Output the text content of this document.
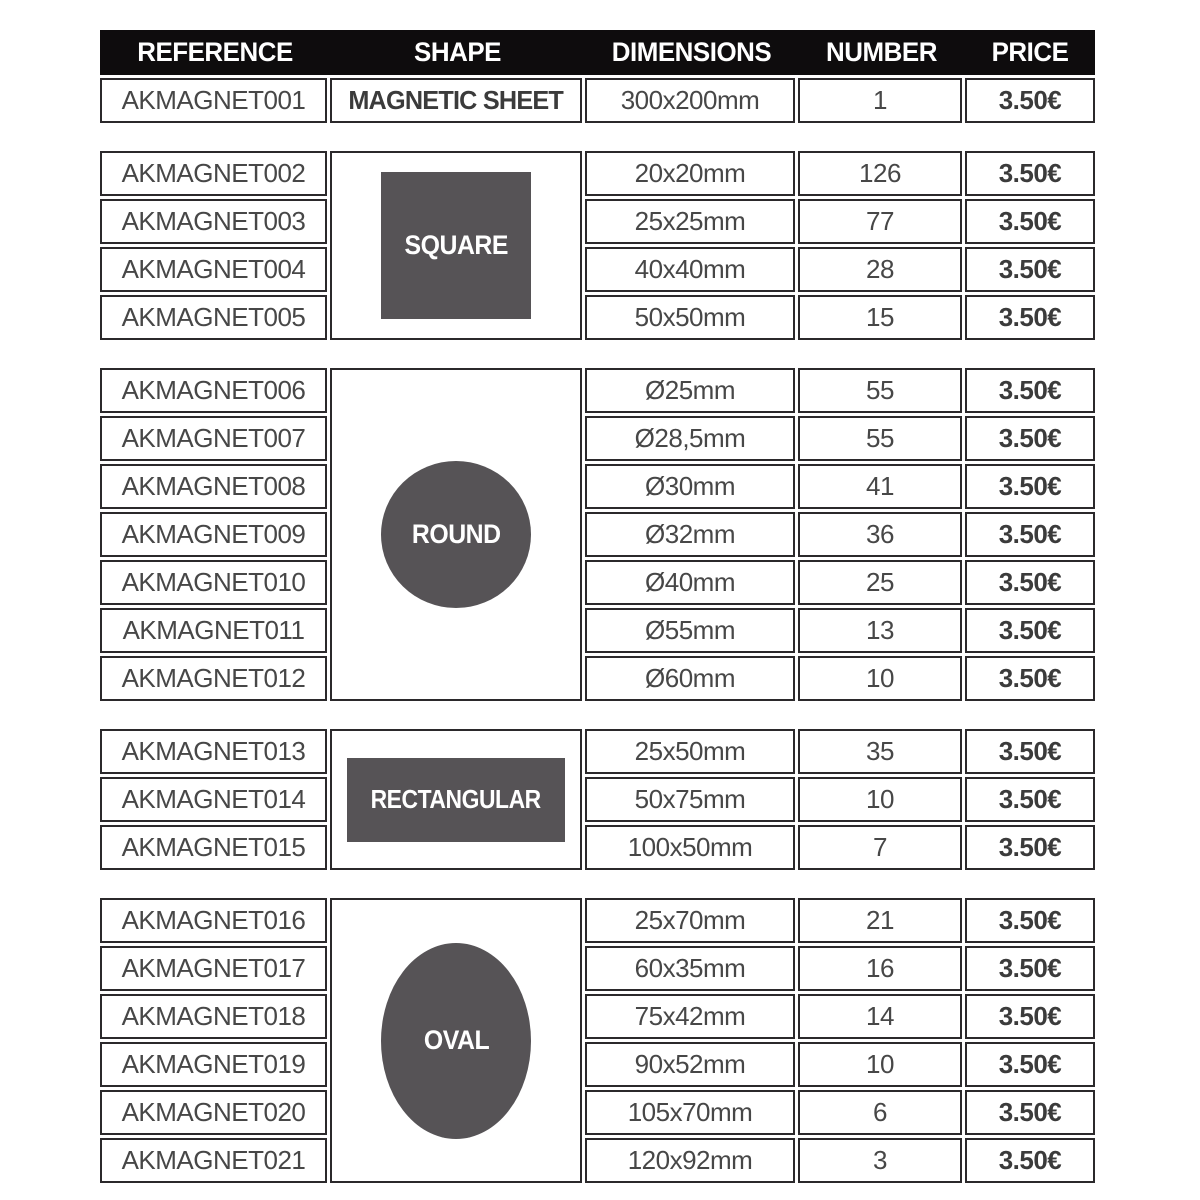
REFERENCE	SHAPE	DIMENSIONS	NUMBER	PRICE
MAGNETIC SHEET
AKMAGNET001	300x200mm	1	3.50€
SQUARE
AKMAGNET002	20x20mm	126	3.50€
AKMAGNET003	25x25mm	77	3.50€
AKMAGNET004	40x40mm	28	3.50€
AKMAGNET005	50x50mm	15	3.50€
ROUND
AKMAGNET006	Ø25mm	55	3.50€
AKMAGNET007	Ø28,5mm	55	3.50€
AKMAGNET008	Ø30mm	41	3.50€
AKMAGNET009	Ø32mm	36	3.50€
AKMAGNET010	Ø40mm	25	3.50€
AKMAGNET011	Ø55mm	13	3.50€
AKMAGNET012	Ø60mm	10	3.50€
RECTANGULAR
AKMAGNET013	25x50mm	35	3.50€
AKMAGNET014	50x75mm	10	3.50€
AKMAGNET015	100x50mm	7	3.50€
OVAL
AKMAGNET016	25x70mm	21	3.50€
AKMAGNET017	60x35mm	16	3.50€
AKMAGNET018	75x42mm	14	3.50€
AKMAGNET019	90x52mm	10	3.50€
AKMAGNET020	105x70mm	6	3.50€
AKMAGNET021	120x92mm	3	3.50€
